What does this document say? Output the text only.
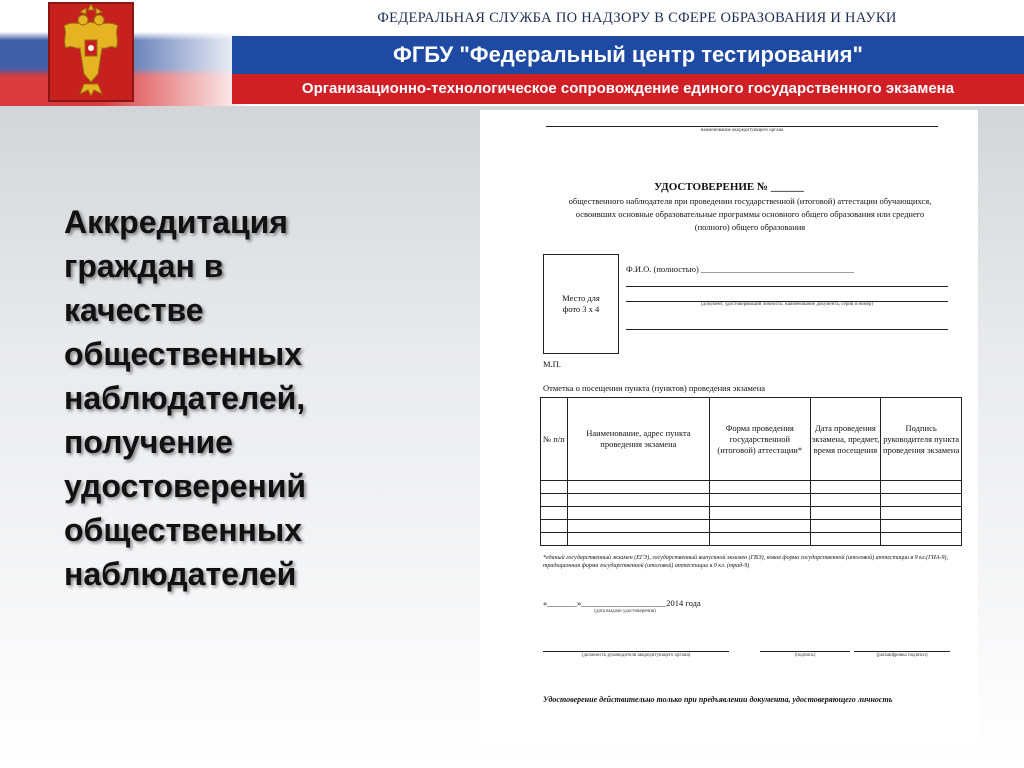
ФЕДЕРАЛЬНАЯ СЛУЖБА ПО НАДЗОРУ В СФЕРЕ ОБРАЗОВАНИЯ И НАУКИ
ФГБУ "Федеральный центр тестирования"
Организационно-технологическое сопровождение единого государственного экзамена
Аккредитация
граждан в
качестве
общественных
наблюдателей,
получение
удостоверений
общественных
наблюдателей
наименование аккредитующего органа
УДОСТОВЕРЕНИЕ № ______
общественного наблюдателя при проведении государственной (итоговой) аттестации обучающихся, освоивших основные образовательные программы основного общего образования или среднего (полного) общего образования
Место для фото 3 х 4
Ф.И.О. (полностью) ____________________________________
(документ, удостоверяющий личность: наименование документа, серия и номер)
М.П.
Отметка о посещении пункта (пунктов) проведения экзамена
№ п/п	Наименование, адрес пункта проведения экзамена	Форма проведения государственной (итоговой) аттестации*	Дата проведения экзамена, предмет, время посещения	Подпись руководителя пункта проведения экзамена

*единый государственный экзамен (ЕГЭ), государственный выпускной экзамен (ГВЭ), новая форма государственной (итоговой) аттестации в 9 кл.(ГИА-9), традиционная форма государственной (итоговой) аттестации в 9 кл. (трад-9)
«_______»____________________2014 года
(дата выдачи удостоверения)
(должность руководителя аккредитующего органа)	(подпись)	(расшифровка подписи)
Удостоверение действительно только при предъявлении документа, удостоверяющего личность
